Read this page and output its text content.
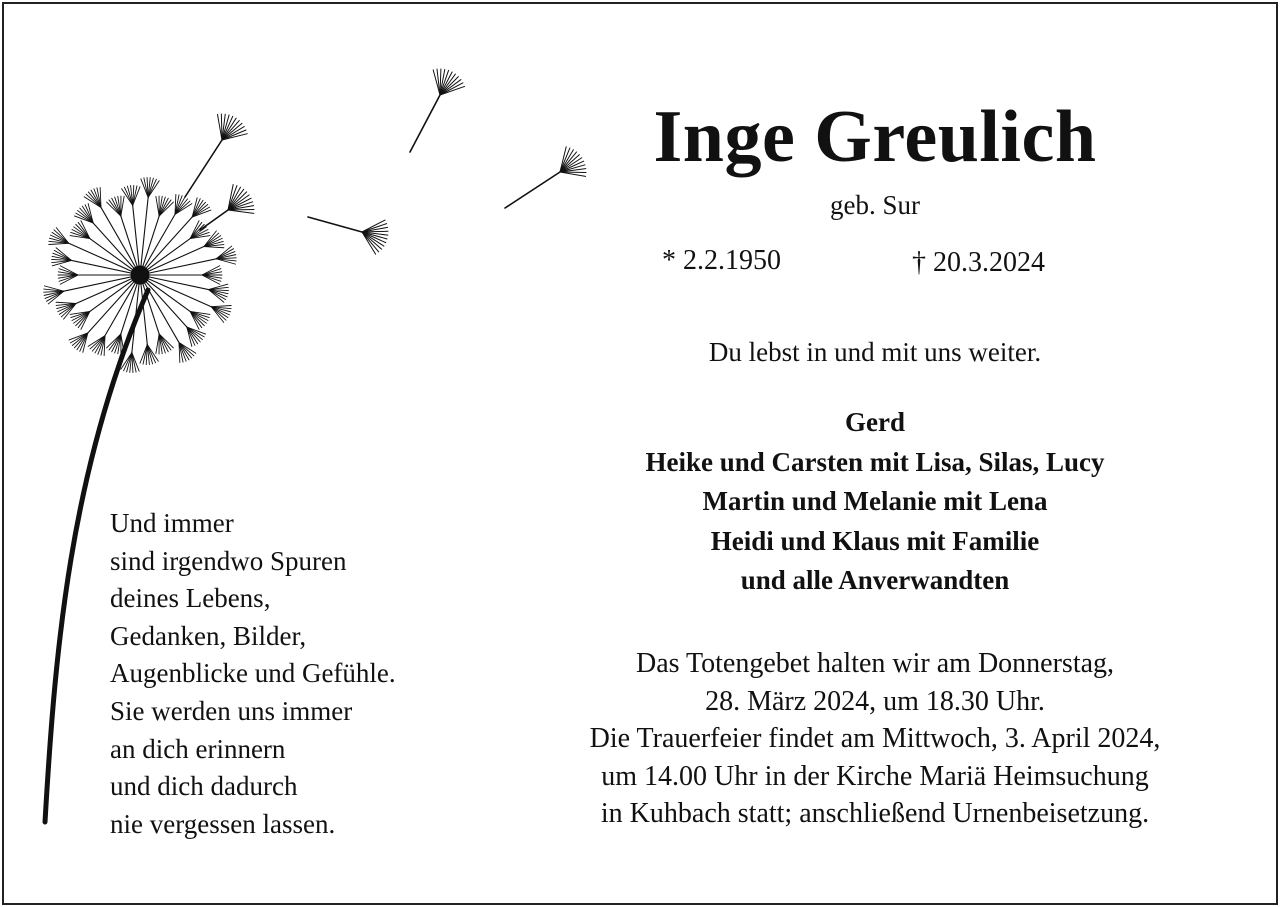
Inge Greulich
geb. Sur
* 2.2.1950	† 20.3.2024
Du lebst in und mit uns weiter.
Gerd
Heike und Carsten mit Lisa, Silas, Lucy
Martin und Melanie mit Lena
Heidi und Klaus mit Familie
und alle Anverwandten
Das Totengebet halten wir am Donnerstag,
28. März 2024, um 18.30 Uhr.
Die Trauerfeier findet am Mittwoch, 3. April 2024,
um 14.00 Uhr in der Kirche Mariä Heimsuchung
in Kuhbach statt; anschließend Urnenbeisetzung.
Und immer
sind irgendwo Spuren
deines Lebens,
Gedanken, Bilder,
Augenblicke und Gefühle.
Sie werden uns immer
an dich erinnern
und dich dadurch
nie vergessen lassen.
